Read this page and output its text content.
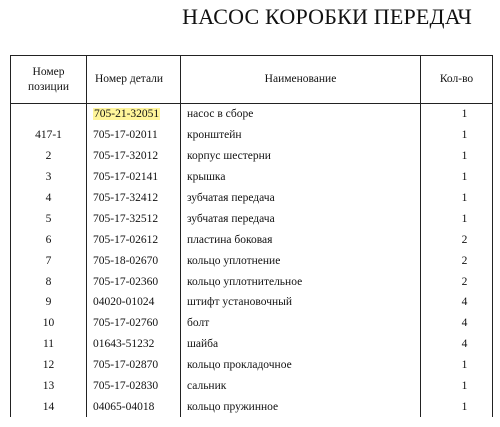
НАСОС КОРОБКИ ПЕРЕДАЧ
Номер позиции	Номер детали	Наименование	Кол-во
	705-21-32051	насос в сборе	1
417-1	705-17-02011	кронштейн	1
2	705-17-32012	корпус шестерни	1
3	705-17-02141	крышка	1
4	705-17-32412	зубчатая передача	1
5	705-17-32512	зубчатая передача	1
6	705-17-02612	пластина боковая	2
7	705-18-02670	кольцо уплотнение	2
8	705-17-02360	кольцо уплотнительное	2
9	04020-01024	штифт установочный	4
10	705-17-02760	болт	4
11	01643-51232	шайба	4
12	705-17-02870	кольцо прокладочное	1
13	705-17-02830	сальник	1
14	04065-04018	кольцо пружинное	1
